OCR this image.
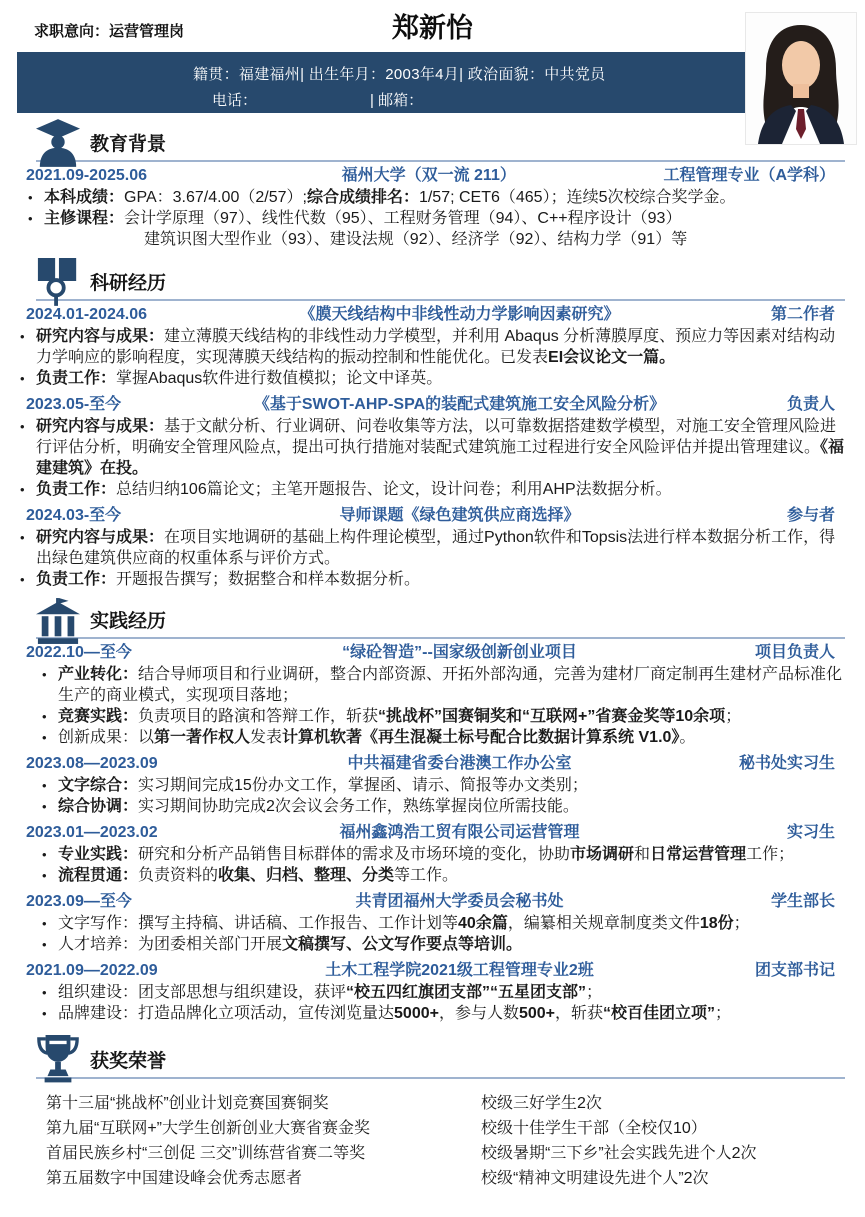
求职意向：运营管理岗	郑新怡
籍贯：福建福州| 出生年月：2003年4月| 政治面貌：中共党员
电话：	| 邮箱：
教育背景
2021.09-2025.06	福州大学（双一流 211）	工程管理专业（A学科）
• 本科成绩：GPA：3.67/4.00（2/57）;综合成绩排名：1/57; CET6（465）；连续5次校综合奖学金。
• 主修课程：会计学原理（97）、线性代数（95）、工程财务管理（94）、C++程序设计（93）
建筑识图大型作业（93）、建设法规（92）、经济学（92）、结构力学（91）等
科研经历
2024.01-2024.06	《膜天线结构中非线性动力学影响因素研究》	第二作者
• 研究内容与成果：建立薄膜天线结构的非线性动力学模型，并利用 Abaqus 分析薄膜厚度、预应力等因素对结构动力学响应的影响程度，实现薄膜天线结构的振动控制和性能优化。已发表EI会议论文一篇。
• 负责工作：掌握Abaqus软件进行数值模拟；论文中译英。
2023.05-至今	《基于SWOT-AHP-SPA的装配式建筑施工安全风险分析》	负责人
• 研究内容与成果：基于文献分析、行业调研、问卷收集等方法，以可靠数据搭建数学模型，对施工安全管理风险进行评估分析，明确安全管理风险点，提出可执行措施对装配式建筑施工过程进行安全风险评估并提出管理建议。《福建建筑》在投。
• 负责工作：总结归纳106篇论文；主笔开题报告、论文，设计问卷；利用AHP法数据分析。
2024.03-至今	导师课题《绿色建筑供应商选择》	参与者
• 研究内容与成果：在项目实地调研的基础上构件理论模型，通过Python软件和Topsis法进行样本数据分析工作，得出绿色建筑供应商的权重体系与评价方式。
• 负责工作：开题报告撰写；数据整合和样本数据分析。
实践经历
2022.10—至今	“绿砼智造”--国家级创新创业项目	项目负责人
• 产业转化：结合导师项目和行业调研，整合内部资源、开拓外部沟通，完善为建材厂商定制再生建材产品标准化生产的商业模式，实现项目落地；
• 竞赛实践：负责项目的路演和答辩工作，斩获“挑战杯”国赛铜奖和“互联网+”省赛金奖等10余项；
• 创新成果：以第一著作权人发表计算机软著《再生混凝土标号配合比数据计算系统 V1.0》。
2023.08—2023.09	中共福建省委台港澳工作办公室	秘书处实习生
• 文字综合：实习期间完成15份办文工作，掌握函、请示、简报等办文类别；
• 综合协调：实习期间协助完成2次会议会务工作，熟练掌握岗位所需技能。
2023.01—2023.02	福州鑫鸿浩工贸有限公司运营管理	实习生
• 专业实践：研究和分析产品销售目标群体的需求及市场环境的变化，协助市场调研和日常运营管理工作；
• 流程贯通：负责资料的收集、归档、整理、分类等工作。
2023.09—至今	共青团福州大学委员会秘书处	学生部长
• 文字写作：撰写主持稿、讲话稿、工作报告、工作计划等40余篇，编纂相关规章制度类文件18份；
• 人才培养：为团委相关部门开展文稿撰写、公文写作要点等培训。
2021.09—2022.09	土木工程学院2021级工程管理专业2班	团支部书记
• 组织建设：团支部思想与组织建设，获评“校五四红旗团支部”“五星团支部”；
• 品牌建设：打造品牌化立项活动，宣传浏览量达5000+，参与人数500+，斩获“校百佳团立项”；
获奖荣誉
第十三届“挑战杯”创业计划竞赛国赛铜奖
第九届“互联网+”大学生创新创业大赛省赛金奖
首届民族乡村“三创促 三交”训练营省赛二等奖
第五届数字中国建设峰会优秀志愿者
校级三好学生2次
校级十佳学生干部（全校仅10）
校级暑期“三下乡”社会实践先进个人2次
校级“精神文明建设先进个人”2次
